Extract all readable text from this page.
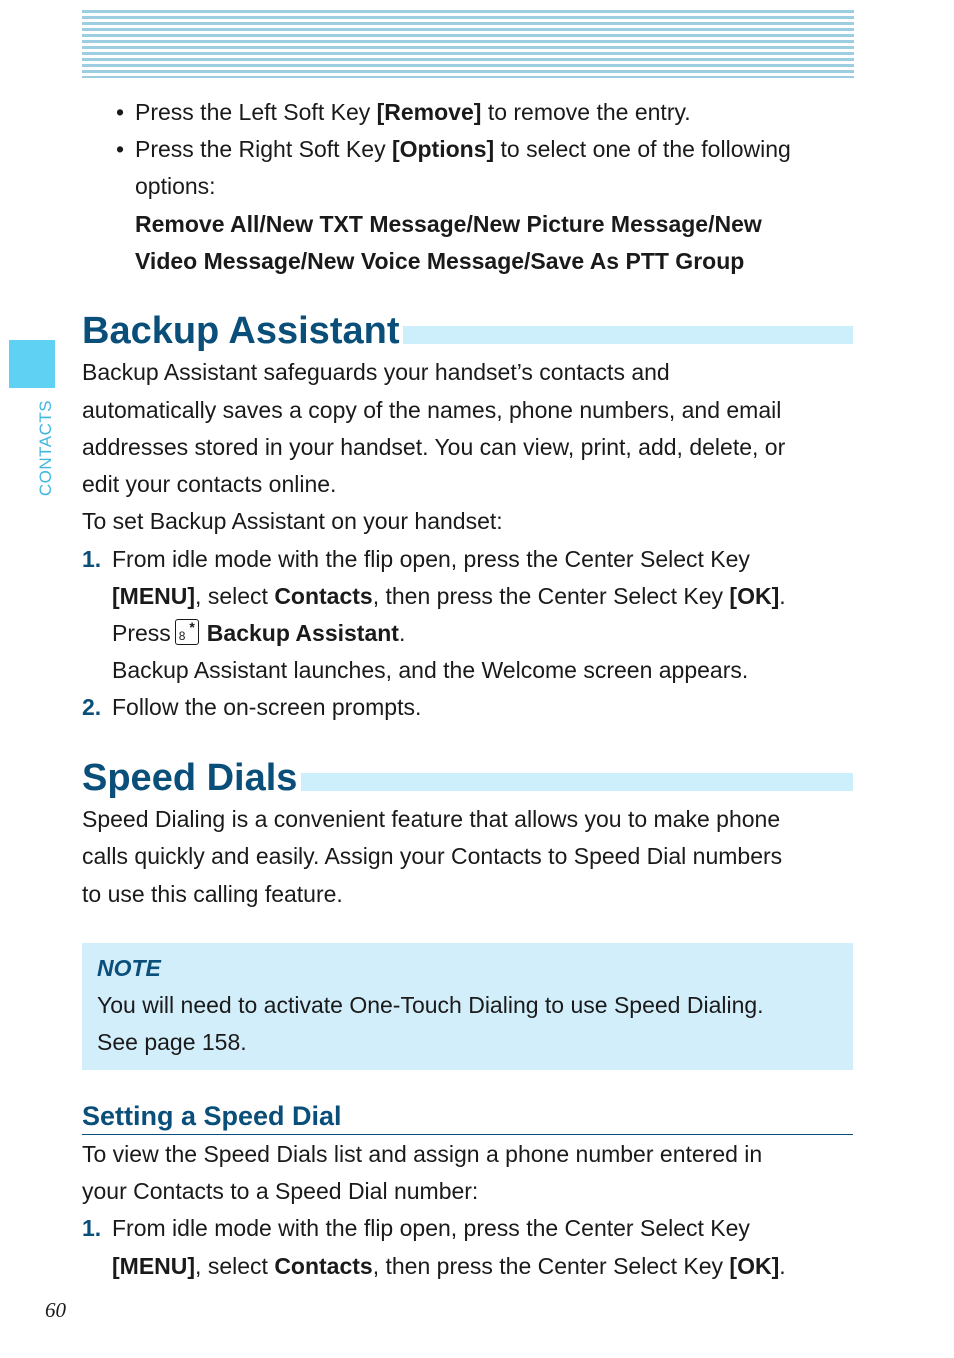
CONTACTS
• Press the Left Soft Key [Remove] to remove the entry.
• Press the Right Soft Key [Options] to select one of the following
options:
Remove All/New TXT Message/New Picture Message/New
Video Message/New Voice Message/Save As PTT Group
Backup Assistant
Backup Assistant safeguards your handset’s contacts and
automatically saves a copy of the names, phone numbers, and email
addresses stored in your handset. You can view, print, add, delete, or
edit your contacts online.
To set Backup Assistant on your handset:
1. From idle mode with the flip open, press the Center Select Key
[MENU], select Contacts, then press the Center Select Key [OK].
Press 8
* Backup Assistant.
Backup Assistant launches, and the Welcome screen appears.
2. Follow the on-screen prompts.
Speed Dials
Speed Dialing is a convenient feature that allows you to make phone
calls quickly and easily. Assign your Contacts to Speed Dial numbers
to use this calling feature.
NOTE
You will need to activate One-Touch Dialing to use Speed Dialing.
See page 158.
Setting a Speed Dial
To view the Speed Dials list and assign a phone number entered in
your Contacts to a Speed Dial number:
1. From idle mode with the flip open, press the Center Select Key
[MENU], select Contacts, then press the Center Select Key [OK].
60
